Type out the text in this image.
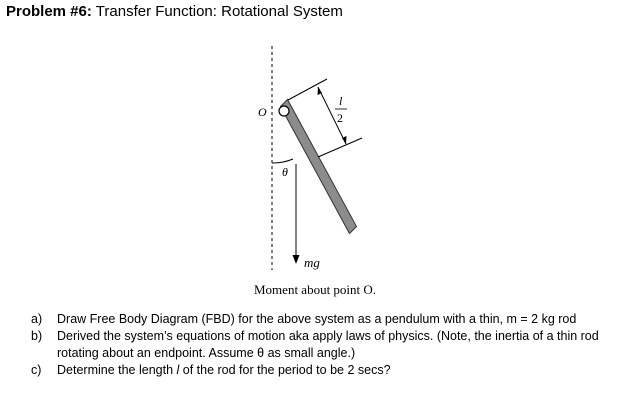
Problem #6: Transfer Function: Rotational System
O
θ
l
2
mg
Moment about point O.
a) Draw Free Body Diagram (FBD) for the above system as a pendulum with a thin, m = 2 kg rod
b) Derived the system’s equations of motion aka apply laws of physics. (Note, the inertia of a thin rod rotating about an endpoint. Assume θ as small angle.)
c) Determine the length l of the rod for the period to be 2 secs?
